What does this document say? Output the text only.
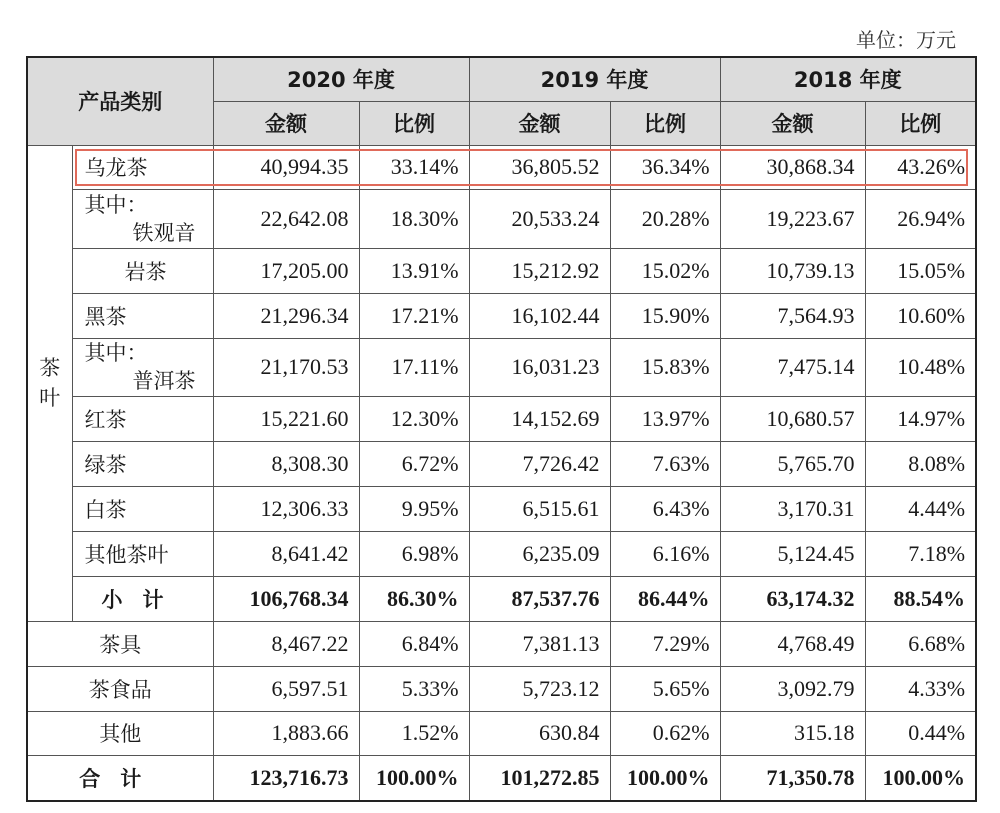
单位：万元
产品类别		2020 年度		2019 年度		2018 年度	
		金额	比例	金额	比例	金额	比例

茶
叶	乌龙茶	40,994.35	33.14%	36,805.52	36.34%	30,868.34	43.26%
	其中：
铁观音	22,642.08	18.30%	20,533.24	20.28%	19,223.67	26.94%
	岩茶	17,205.00	13.91%	15,212.92	15.02%	10,739.13	15.05%
	黑茶	21,296.34	17.21%	16,102.44	15.90%	7,564.93	10.60%
	其中：
普洱茶	21,170.53	17.11%	16,031.23	15.83%	7,475.14	10.48%
	红茶	15,221.60	12.30%	14,152.69	13.97%	10,680.57	14.97%
	绿茶	8,308.30	6.72%	7,726.42	7.63%	5,765.70	8.08%
	白茶	12,306.33	9.95%	6,515.61	6.43%	3,170.31	4.44%
	其他茶叶	8,641.42	6.98%	6,235.09	6.16%	5,124.45	7.18%
	小计	106,768.34	86.30%	87,537.76	86.44%	63,174.32	88.54%
茶具		8,467.22	6.84%	7,381.13	7.29%	4,768.49	6.68%
茶食品		6,597.51	5.33%	5,723.12	5.65%	3,092.79	4.33%
其他		1,883.66	1.52%	630.84	0.62%	315.18	0.44%
合计		123,716.73	100.00%	101,272.85	100.00%	71,350.78	100.00%
